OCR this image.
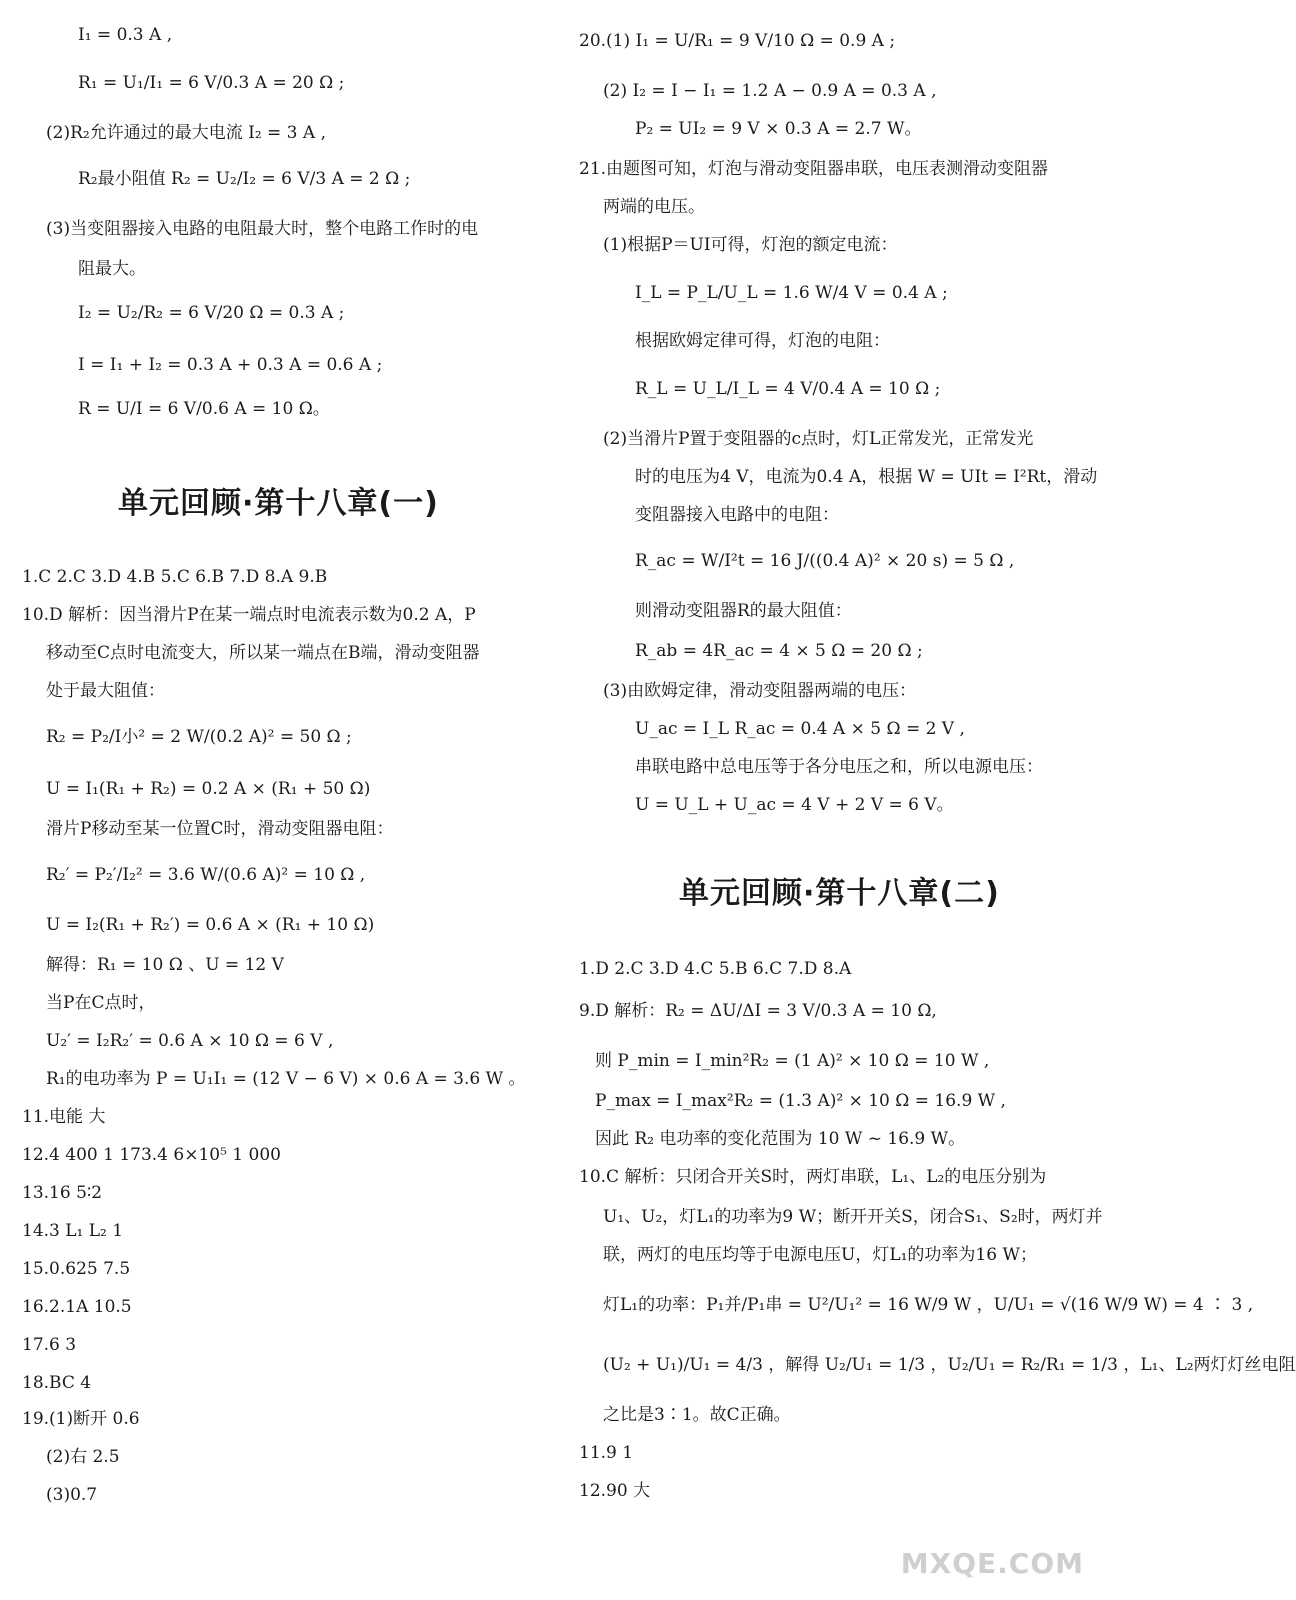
I₁ = 0.3 A ,
R₁ = U₁/I₁ = 6 V/0.3 A = 20 Ω ;
(2)R₂允许通过的最大电流 I₂ = 3 A ,
R₂最小阻值 R₂ = U₂/I₂ = 6 V/3 A = 2 Ω ;
(3)当变阻器接入电路的电阻最大时，整个电路工作时的电
阻最大。
I₂ = U₂/R₂ = 6 V/20 Ω = 0.3 A ;
I = I₁ + I₂ = 0.3 A + 0.3 A = 0.6 A ;
R = U/I = 6 V/0.6 A = 10 Ω。
单元回顾·第十八章(一)
1.C 2.C 3.D 4.B 5.C 6.B 7.D 8.A 9.B
10.D 解析：因当滑片P在某一端点时电流表示数为0.2 A，P
移动至C点时电流变大，所以某一端点在B端，滑动变阻器
处于最大阻值：
R₂ = P₂/I小² = 2 W/(0.2 A)² = 50 Ω ;
U = I₁(R₁ + R₂) = 0.2 A × (R₁ + 50 Ω)
滑片P移动至某一位置C时，滑动变阻器电阻：
R₂′ = P₂′/I₂² = 3.6 W/(0.6 A)² = 10 Ω ,
U = I₂(R₁ + R₂′) = 0.6 A × (R₁ + 10 Ω)
解得：R₁ = 10 Ω 、U = 12 V
当P在C点时，
U₂′ = I₂R₂′ = 0.6 A × 10 Ω = 6 V ,
R₁的电功率为 P = U₁I₁ = (12 V − 6 V) × 0.6 A = 3.6 W 。
11.电能 大
12.4 400 1 173.4 6×10⁵ 1 000
13.16 5∶2
14.3 L₁ L₂ 1
15.0.625 7.5
16.2.1A 10.5
17.6 3
18.BC 4
19.(1)断开 0.6
(2)右 2.5
(3)0.7
20.(1) I₁ = U/R₁ = 9 V/10 Ω = 0.9 A ;
(2) I₂ = I − I₁ = 1.2 A − 0.9 A = 0.3 A ,
P₂ = UI₂ = 9 V × 0.3 A = 2.7 W。
21.由题图可知，灯泡与滑动变阻器串联，电压表测滑动变阻器
两端的电压。
(1)根据P＝UI可得，灯泡的额定电流：
I_L = P_L/U_L = 1.6 W/4 V = 0.4 A ;
根据欧姆定律可得，灯泡的电阻：
R_L = U_L/I_L = 4 V/0.4 A = 10 Ω ;
(2)当滑片P置于变阻器的c点时，灯L正常发光，正常发光
时的电压为4 V，电流为0.4 A，根据 W = UIt = I²Rt，滑动
变阻器接入电路中的电阻：
R_ac = W/I²t = 16 J/((0.4 A)² × 20 s) = 5 Ω ,
则滑动变阻器R的最大阻值：
R_ab = 4R_ac = 4 × 5 Ω = 20 Ω ;
(3)由欧姆定律，滑动变阻器两端的电压：
U_ac = I_L R_ac = 0.4 A × 5 Ω = 2 V ,
串联电路中总电压等于各分电压之和，所以电源电压：
U = U_L + U_ac = 4 V + 2 V = 6 V。
单元回顾·第十八章(二)
1.D 2.C 3.D 4.C 5.B 6.C 7.D 8.A
9.D 解析：R₂ = ΔU/ΔI = 3 V/0.3 A = 10 Ω,
则 P_min = I_min²R₂ = (1 A)² × 10 Ω = 10 W ,
P_max = I_max²R₂ = (1.3 A)² × 10 Ω = 16.9 W ,
因此 R₂ 电功率的变化范围为 10 W ~ 16.9 W。
10.C 解析：只闭合开关S时，两灯串联，L₁、L₂的电压分别为
U₁、U₂，灯L₁的功率为9 W；断开开关S，闭合S₁、S₂时，两灯并
联，两灯的电压均等于电源电压U，灯L₁的功率为16 W；
灯L₁的功率：P₁并/P₁串 = U²/U₁² = 16 W/9 W ，U/U₁ = √(16 W/9 W) = 4 ∶ 3 ,
(U₂ + U₁)/U₁ = 4/3 ，解得 U₂/U₁ = 1/3 ，U₂/U₁ = R₂/R₁ = 1/3 ，L₁、L₂两灯灯丝电阻
之比是3∶1。故C正确。
11.9 1
12.90 大
MXQE.COM
